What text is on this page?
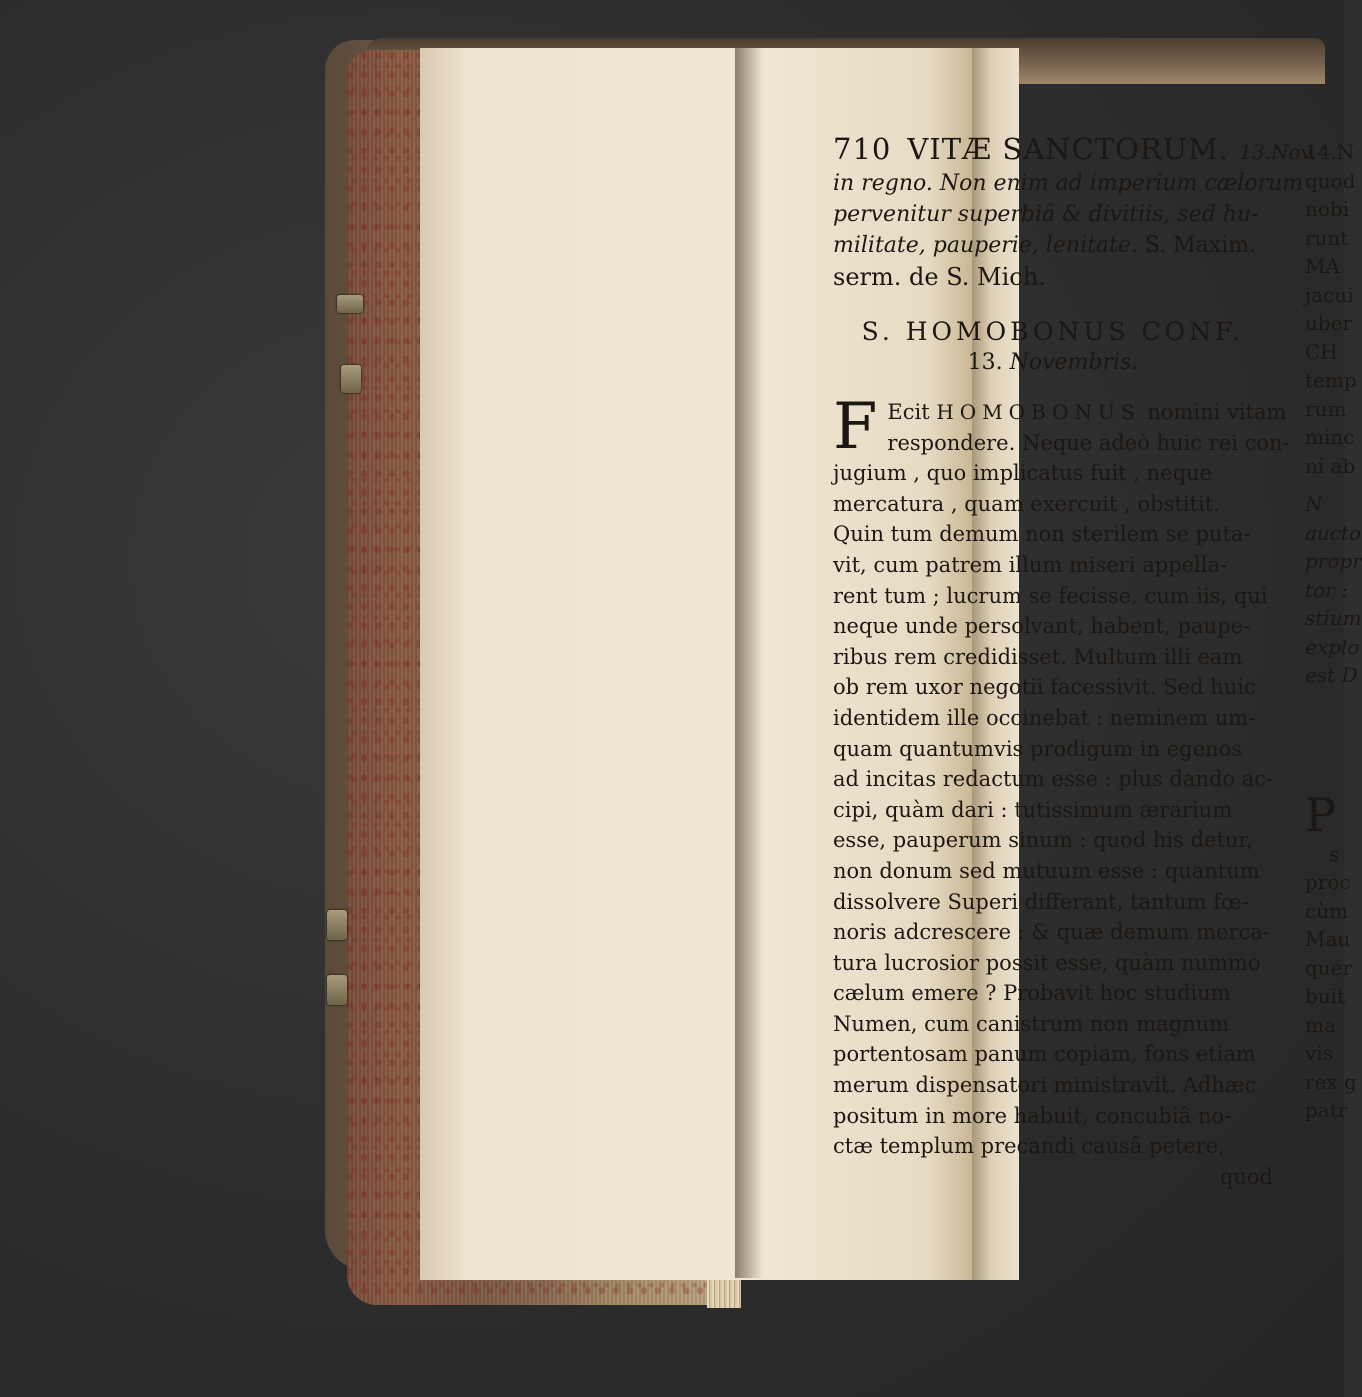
710 VITÆ SANCTORUM. 13.Nov.
in regno. Non enim ad imperium cælorum
pervenitur superbiâ & divitiis, sed hu-
militate, pauperie, lenitate. S. Maxim.
serm. de S. Mich.
S. HOMOBONUS CONF.
13. Novembris.
F Ecit HOMOBONUS nomini vitam
respondere. Neque adeò huic rei con-
jugium , quo implicatus fuit , neque
mercatura , quam exercuit , obstitit.
Quin tum demum non sterilem se puta-
vit, cum patrem illum miseri appella-
rent tum ; lucrum se fecisse, cum iis, qui
neque unde persolvant, habent, paupe-
ribus rem credidisset. Multum illi eam
ob rem uxor negotii facessivit. Sed huic
identidem ille occinebat : neminem um-
quam quantumvis prodigum in egenos
ad incitas redactum esse : plus dando ac-
cipi, quàm dari : tutissimum ærarium
esse, pauperum sinum : quod his detur,
non donum sed mutuum esse : quantum
dissolvere Superi differant, tantum fœ-
noris adcrescere : & quæ demum merca-
tura lucrosior possit esse, quàm nummo
cælum emere ? Probavit hoc studium
Numen, cum canistrum non magnum
portentosam panum copiam, fons etiam
merum dispensatori ministravit. Adhæc
positum in more habuit, concubiâ no-
ctæ templum precandi causâ petere,
quod
14.N
quod
nobi
runt
MA
jacui
uber
CH
temp
rum
minc
ni ab
N
aucto
propr
tor :
stium
explo
est D
P
s
proc
cùm
Mau
quer
buit
ma
vis
rex g
patr
